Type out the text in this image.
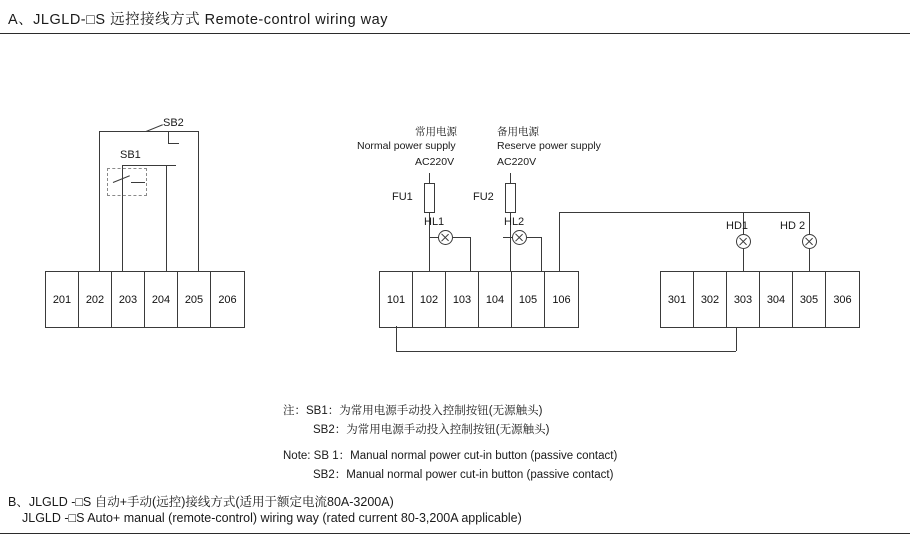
A、JLGLD-□S 远控接线方式 Remote-control wiring way
SB2
SB1
201	202	203	204	205	206
常用电源
Normal power supply
AC220V
备用电源
Reserve power supply
AC220V
FU1	FU2
HL1	HL2
101	102	103	104	105	106
HD1	HD 2
301	302	303	304	305	306
注：SB1：为常用电源手动投入控制按钮(无源触头)
SB2：为常用电源手动投入控制按钮(无源触头)
Note: SB 1：Manual normal power cut-in button (passive contact)
SB2：Manual normal power cut-in button (passive contact)
B、JLGLD -□S 自动+手动(远控)接线方式(适用于额定电流80A-3200A)
JLGLD -□S Auto+ manual (remote-control) wiring way (rated current 80-3,200A applicable)
